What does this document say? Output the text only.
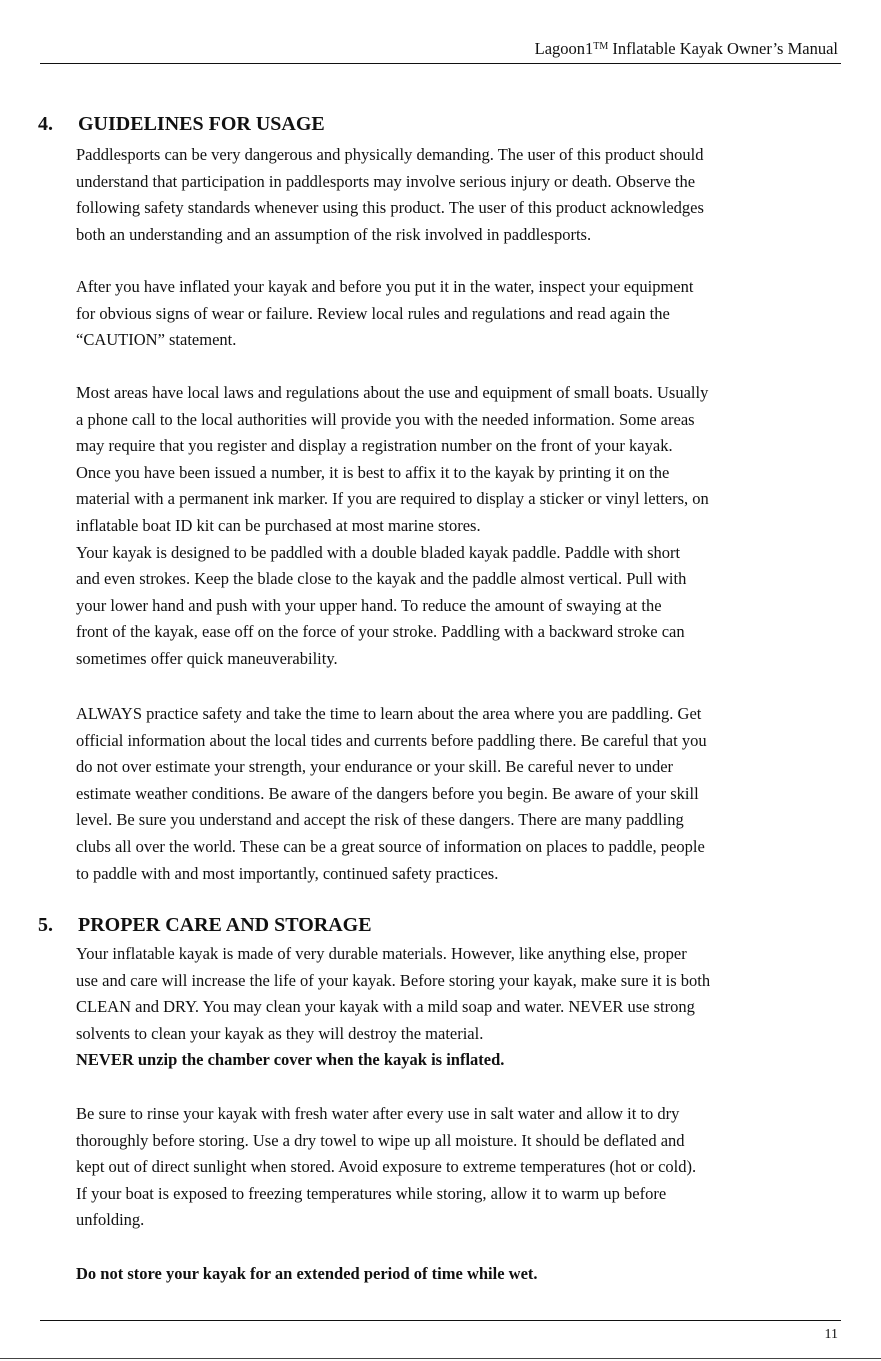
Lagoon1™ Inflatable Kayak Owner’s Manual
4. GUIDELINES FOR USAGE
Paddlesports can be very dangerous and physically demanding. The user of this product should
understand that participation in paddlesports may involve serious injury or death. Observe the
following safety standards whenever using this product. The user of this product acknowledges
both an understanding and an assumption of the risk involved in paddlesports.
After you have inflated your kayak and before you put it in the water, inspect your equipment
for obvious signs of wear or failure. Review local rules and regulations and read again the
“CAUTION” statement.
Most areas have local laws and regulations about the use and equipment of small boats. Usually
a phone call to the local authorities will provide you with the needed information. Some areas
may require that you register and display a registration number on the front of your kayak.
Once you have been issued a number, it is best to affix it to the kayak by printing it on the
material with a permanent ink marker. If you are required to display a sticker or vinyl letters, on
inflatable boat ID kit can be purchased at most marine stores.
Your kayak is designed to be paddled with a double bladed kayak paddle. Paddle with short
and even strokes. Keep the blade close to the kayak and the paddle almost vertical. Pull with
your lower hand and push with your upper hand. To reduce the amount of swaying at the
front of the kayak, ease off on the force of your stroke. Paddling with a backward stroke can
sometimes offer quick maneuverability.
ALWAYS practice safety and take the time to learn about the area where you are paddling. Get
official information about the local tides and currents before paddling there. Be careful that you
do not over estimate your strength, your endurance or your skill. Be careful never to under
estimate weather conditions. Be aware of the dangers before you begin. Be aware of your skill
level. Be sure you understand and accept the risk of these dangers. There are many paddling
clubs all over the world. These can be a great source of information on places to paddle, people
to paddle with and most importantly, continued safety practices.
5. PROPER CARE AND STORAGE
Your inflatable kayak is made of very durable materials. However, like anything else, proper
use and care will increase the life of your kayak. Before storing your kayak, make sure it is both
CLEAN and DRY. You may clean your kayak with a mild soap and water. NEVER use strong
solvents to clean your kayak as they will destroy the material.
NEVER unzip the chamber cover when the kayak is inflated.
Be sure to rinse your kayak with fresh water after every use in salt water and allow it to dry
thoroughly before storing. Use a dry towel to wipe up all moisture. It should be deflated and
kept out of direct sunlight when stored. Avoid exposure to extreme temperatures (hot or cold).
If your boat is exposed to freezing temperatures while storing, allow it to warm up before
unfolding.
Do not store your kayak for an extended period of time while wet.
11
